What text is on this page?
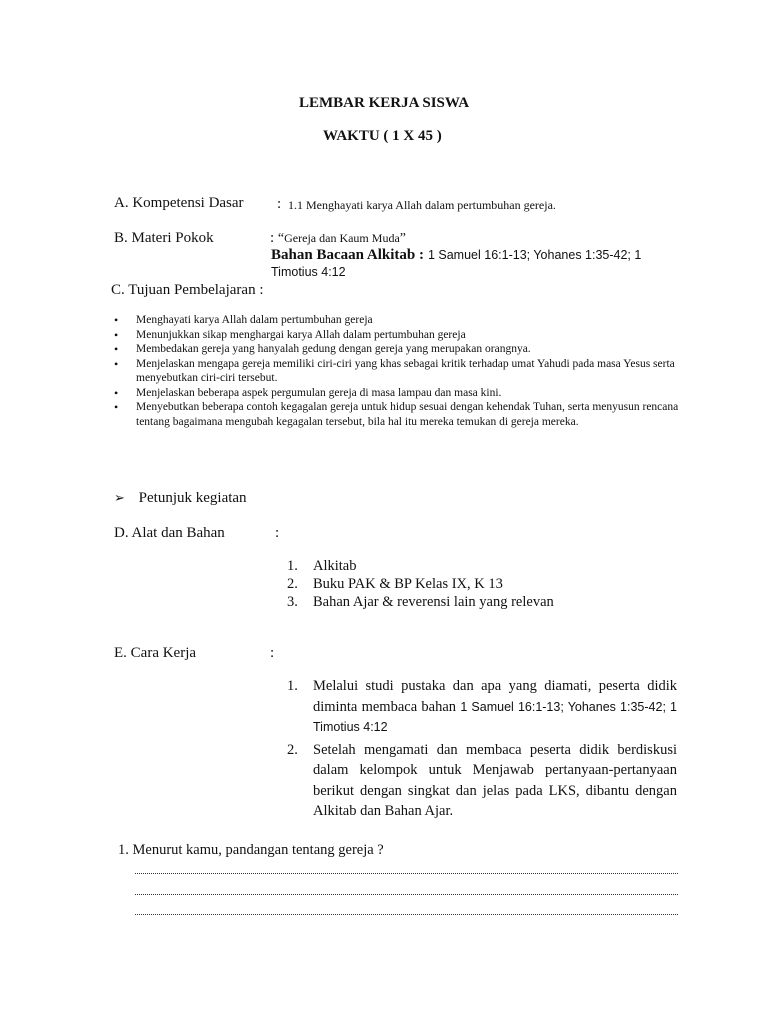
LEMBAR KERJA SISWA
WAKTU ( 1 X 45 )
A. Kompetensi Dasar : 1.1 Menghayati karya Allah dalam pertumbuhan gereja.
B. Materi Pokok	: “Gereja dan Kaum Muda”
Bahan Bacaan Alkitab : 1 Samuel 16:1-13; Yohanes 1:35-42; 1
Timotius 4:12
C. Tujuan Pembelajaran :
• Menghayati karya Allah dalam pertumbuhan gereja
• Menunjukkan sikap menghargai karya Allah dalam pertumbuhan gereja
• Membedakan gereja yang hanyalah gedung dengan gereja yang merupakan orangnya.
• Menjelaskan mengapa gereja memiliki ciri-ciri yang khas sebagai kritik terhadap umat Yahudi pada masa Yesus serta menyebutkan ciri-ciri tersebut.
• Menjelaskan beberapa aspek pergumulan gereja di masa lampau dan masa kini.
• Menyebutkan beberapa contoh kegagalan gereja untuk hidup sesuai dengan kehendak Tuhan, serta menyusun rencana tentang bagaimana mengubah kegagalan tersebut, bila hal itu mereka temukan di gereja mereka.
➢ Petunjuk kegiatan
D. Alat dan Bahan	:
1. Alkitab
2. Buku PAK & BP Kelas IX, K 13
3. Bahan Ajar & reverensi lain yang relevan
E. Cara Kerja	:
1. Melalui studi pustaka dan apa yang diamati, peserta didik diminta membaca bahan 1 Samuel 16:1-13; Yohanes 1:35-42; 1 Timotius 4:12
2. Setelah mengamati dan membaca peserta didik berdiskusi dalam kelompok untuk Menjawab pertanyaan-pertanyaan berikut dengan singkat dan jelas pada LKS, dibantu dengan Alkitab dan Bahan Ajar.
1. Menurut kamu, pandangan tentang gereja ?
